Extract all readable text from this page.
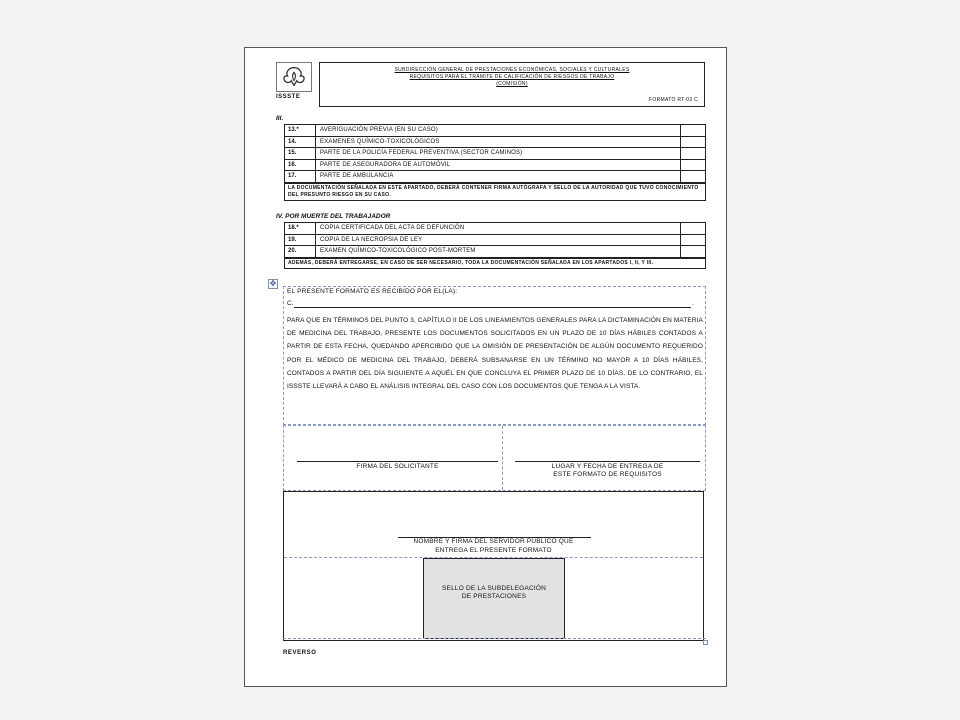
ISSSTE
SUBDIRECCIÓN GENERAL DE PRESTACIONES ECONÓMICAS, SOCIALES Y CULTURALES
REQUISITOS PARA EL TRÁMITE DE CALIFICACIÓN DE RIESGOS DE TRABAJO
(COMISIÓN)
FORMATO RT-03 C
III.
13.*	AVERIGUACIÓN PREVIA (EN SU CASO)
14.	EXAMENES QUÍMICO-TOXICOLÓGICOS
15.	PARTE DE LA POLICÍA FEDERAL PREVENTIVA (SECTOR CAMINOS)
16.	PARTE DE ASEGURADORA DE AUTOMÓVIL
17.	PARTE DE AMBULANCIA
LA DOCUMENTACIÓN SEÑALADA EN ESTE APARTADO, DEBERÁ CONTENER FIRMA AUTÓGRAFA Y SELLO DE LA AUTORIDAD QUE TUVO CONOCIMIENTO DEL PRESUNTO RIESGO EN SU CASO.
IV. POR MUERTE DEL TRABAJADOR
18.*	COPIA CERTIFICADA DEL ACTA DE DEFUNCIÓN
19.	COPIA DE LA NECROPSIA DE LEY
20.	EXAMEN QUÍMICO-TOXICOLÓGICO POST-MORTEM
ADEMÁS, DEBERÁ ENTREGARSE, EN CASO DE SER NECESARIO, TODA LA DOCUMENTACIÓN SEÑALADA EN LOS APARTADOS I, II, Y III.
✥
EL PRESENTE FORMATO ES RECIBIDO POR EL(LA):
C.	.
PARA QUE EN TÉRMINOS DEL PUNTO 3, CAPÍTULO II DE LOS LINEAMIENTOS GENERALES PARA LA DICTAMINACIÓN EN MATERIA DE MEDICINA DEL TRABAJO, PRESENTE LOS DOCUMENTOS SOLICITADOS EN UN PLAZO DE 10 DÍAS HÁBILES CONTADOS A PARTIR DE ESTA FECHA, QUEDANDO APERCIBIDO QUE LA OMISIÓN DE PRESENTACIÓN DE ALGÚN DOCUMENTO REQUERIDO POR EL MÉDICO DE MEDICINA DEL TRABAJO, DEBERÁ SUBSANARSE EN UN TÉRMINO NO MAYOR A 10 DÍAS HÁBILES, CONTADOS A PARTIR DEL DÍA SIGUIENTE A AQUÉL EN QUE CONCLUYA EL PRIMER PLAZO DE 10 DÍAS. DE LO CONTRARIO, EL ISSSTE LLEVARÁ A CABO EL ANÁLISIS INTEGRAL DEL CASO CON LOS DOCUMENTOS QUE TENGA A LA VISTA.
FIRMA DEL SOLICITANTE	LUGAR Y FECHA DE ENTREGA DE
ESTE FORMATO DE REQUISITOS
NOMBRE Y FIRMA DEL SERVIDOR PÚBLICO QUE
ENTREGA EL PRESENTE FORMATO
SELLO DE LA SUBDELEGACIÓN
DE PRESTACIONES
REVERSO
